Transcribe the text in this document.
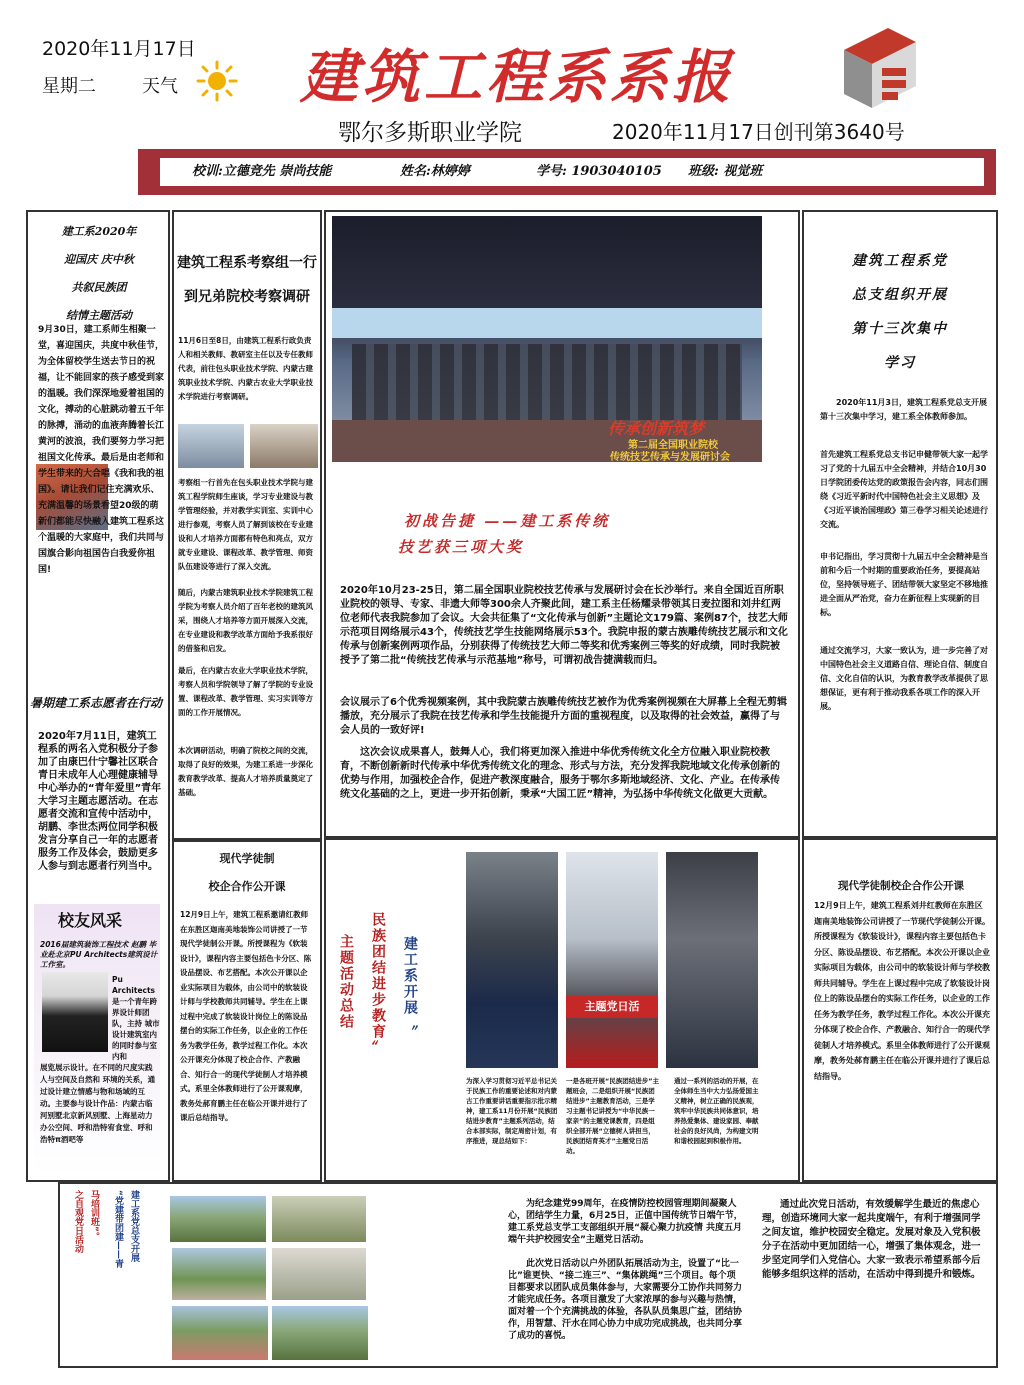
2020年11月17日
星期二	天气 建筑工程系系报
鄂尔多斯职业学院	2020年11月17日创刊第3640号
校训:立德竞先 崇尚技能	姓名:林婷婷	学号: 1903040105 班级: 视觉班
建工系2020年
迎国庆 庆中秋
共叙民族团
结情主题活动
9月30日，建工系师生相聚一堂，喜迎国庆，共度中秋佳节，为全体留校学生送去节日的祝福，让不能回家的孩子感受到家的温暖。我们深深地爱着祖国的文化，搏动的心脏跳动着五千年的脉搏，涌动的血液奔腾着长江黄河的波浪，我们要努力学习把祖国文化传承。最后是由老师和学生带来的大合唱《我和我的祖国》。请让我们记住充满欢乐、充满温馨的场景看望20级的萌新们都能尽快融入建筑工程系这个温暖的大家庭中，我们共同与国旗合影向祖国告白我爱你祖国!
暑期建工系志愿者在行动
2020年7月11日，建筑工程系的两名入党积极分子参加了由康巴什宁馨社区联合青日未成年人心理健康辅导中心举办的“青年爱里”青年大学习主题志愿活动。在志愿者交流和宣传中活动中，胡鹏、李世杰两位同学积极发言分享自己一年的志愿者服务工作及体会，鼓励更多人参与到志愿者行列当中。
校友风采
2016届建筑装饰工程技术 赵鹏 毕业赴北京PU Architects建筑设计工作室。
Pu Architects 是一个青年跨界设计师团队，主持 城市设计建筑室内的同时参与室内和
展览展示设计。在不同的尺度实践人与空间及自然和 环境的关系，通过设计建立情感与物和场域的互动。主要参与设计作品：内蒙古临河别墅北京新风别墅、上海星动力办公空间、呼和浩特宥食堂、呼和浩特π酒吧等
建筑工程系考察组一行到兄弟院校考察调研
11月6日至8日，由建筑工程系行政负责人和相关教师、教研室主任以及专任教师代表，前往包头职业技术学院、内蒙古建筑职业技术学院、内蒙古农业大学职业技术学院进行考察调研。
考察组一行首先在包头职业技术学院与建筑工程学院师生座谈，学习专业建设与教学管理经验，并对教学实训室、实训中心进行参观，考察人员了解到该校在专业建设和人才培养方面都有特色和亮点，双方就专业建设、课程改革、教学管理、师资队伍建设等进行了深入交流。
随后，内蒙古建筑职业技术学院建筑工程学院为考察人员介绍了百年老校的建筑风采，围绕人才培养等方面开展深入交流，在专业建设和教学改革方面给予我系很好的借鉴和启发。
最后，在内蒙古农业大学职业技术学院，考察人员和学院领导了解了学院的专业设置、课程改革、教学管理、实习实训等方面的工作开展情况。
本次调研活动，明确了院校之间的交流，取得了良好的效果，为建工系进一步深化教育教学改革、提高人才培养质量奠定了基础。
现代学徒制
校企合作公开课
12月9日上午，建筑工程系邀请红教师在东胜区迦南美地装饰公司讲授了一节现代学徒制公开课。所授课程为《软装设计》，课程内容主要包括色卡分区、陈设品摆设、布艺搭配。本次公开课以企业实际项目为载体，由公司中的软装设计师与学校教师共同辅导。学生在上课过程中完成了软装设计岗位上的陈设品摆台的实际工作任务，以企业的工作任务为教学任务，教学过程工作化。本次公开课充分体现了校企合作、产教融合、知行合一的现代学徒制人才培养模式。系里全体教师进行了公开课观摩，教务处郝育鹏主任在临公开课并进行了课后总结指导。
传承创新筑梦
第二届全国职业院校
传统技艺传承与发展研讨会
初战告捷 ——建工系传统
技艺获三项大奖
2020年10月23-25日，第二届全国职业院校技艺传承与发展研讨会在长沙举行。来自全国近百所职业院校的领导、专家、非遗大师等300余人齐聚此间，建工系主任杨耀录带领其日麦拉图和刘井红两位老师代表我院参加了会议。大会共征集了“文化传承与创新”主题论文179篇、案例87个，技艺大师示范项目网络展示43个，传统技艺学生技能网络展示53个。我院申报的蒙古族雕传统技艺展示和文化传承与创新案例两项作品，分别获得了传统技艺大师二等奖和优秀案例三等奖的好成绩，同时我院被授予了第二批“传统技艺传承与示范基地”称号，可谓初战告捷满载而归。
会议展示了6个优秀视频案例，其中我院蒙古族雕传统技艺被作为优秀案例视频在大屏幕上全程无剪辑播放，充分展示了我院在技艺传承和学生技能提升方面的重视程度，以及取得的社会效益，赢得了与会人员的一致好评!
这次会议成果喜人，鼓舞人心，我们将更加深入推进中华优秀传统文化全方位融入职业院校教育，不断创新新时代传承中华优秀传统文化的理念、形式与方法，充分发挥我院地域文化传承创新的优势与作用，加强校企合作，促进产教深度融合，服务于鄂尔多斯地域经济、文化、产业。在传承传统文化基础的之上，更进一步开拓创新，秉承“大国工匠”精神，为弘扬中华传统文化做更大贡献。
建工系开展〝
民族团结进步教育〞
主题活动总结	主题党日活
为深入学习贯彻习近平总书记关于民族工作的重要论述和对内蒙古工作重要讲话重要指示批示精神，建工系11月份开展“民族团结进步教育”主题系列活动，结合本部实际，制定周密计划，有序推进，现总结如下：
一是各班开展“民族团结进步”主题班会，二是组织开展“民族团结进步”主题教育活动，三是学习主题书记讲授为“中华民族一家亲”的主题党课教育，四是组织全部开展“立德树人讲担当，民族团结育英才”主题党日活动。
通过一系列的活动的开展，在全体师生当中大力弘扬爱国主义精神，树立正确的民族观，筑牢中华民族共同体意识，培养热爱集体、建设家园、奉献社会的良好风尚，为构建文明和谐校园起到积极作用。
建筑工程系党
总支组织开展
第十三次集中
学习
2020年11月3日，建筑工程系党总支开展第十三次集中学习，建工系全体教师参加。
首先建筑工程系党总支书记申健带领大家一起学习了党的十九届五中全会精神，并结合10月30日学院团委传达党的政策报告会内容，同志们围绕《习近平新时代中国特色社会主义思想》及《习近平谈治国理政》第三卷学习相关论述进行交流。
申书记指出，学习贯彻十九届五中全会精神是当前和今后一个时期的重要政治任务，要提高站位，坚持领导班子、团结带领大家坚定不移地推进全面从严治党，奋力在新征程上实现新的目标。
通过交流学习，大家一致认为，进一步完善了对中国特色社会主义道路自信、理论自信、制度自信、文化自信的认识，为教育教学改革提供了思想保证，更有利于推动我系各项工作的深入开展。
现代学徒制校企合作公开课
12月9日上午，建筑工程系刘井红教师在东胜区迦南美地装饰公司讲授了一节现代学徒制公开课。所授课程为《软装设计》，课程内容主要包括色卡分区、陈设品摆设、布艺搭配。本次公开课以企业实际项目为载体，由公司中的软装设计师与学校教师共同辅导。学生在上课过程中完成了软装设计岗位上的陈设品摆台的实际工作任务，以企业的工作任务为教学任务，教学过程工作化。本次公开课充分体现了校企合作、产教融合、知行合一的现代学徒制人才培养模式。系里全体教师进行了公开课观摩，教务处郝育鹏主任在临公开课并进行了课后总结指导。
马培训班”。
之自观党日活动	建工系党总支开展
“党建带团建——青	为纪念建党99周年，在疫情防控校园管理期间凝聚人心，团结学生力量，6月25日，正值中国传统节日端午节，建工系党总支学工支部组织开展“凝心聚力抗疫情 共度五月端午共护校园安全”主题党日活动。
此次党日活动以户外团队拓展活动为主，设置了“比一比”谁更快、“接二连三”、“集体跳绳”三个项目。每个项目都要求以团队成员集体参与，大家需要分工协作共同努力才能完成任务。各项目激发了大家浓厚的参与兴趣与热情，面对着一个个充满挑战的体验，各队队员集思广益，团结协作，用智慧、汗水在同心协力中成功完成挑战，也共同分享了成功的喜悦。
通过此次党日活动，有效缓解学生最近的焦虑心理，创造环境同大家一起共度端午，有利于增强同学之间友谊，维护校园安全稳定。发展对象及入党积极分子在活动中更加团结一心，增强了集体观念，进一步坚定同学们入党信心。大家一致表示希望系部今后能够多组织这样的活动，在活动中得到提升和锻炼。
